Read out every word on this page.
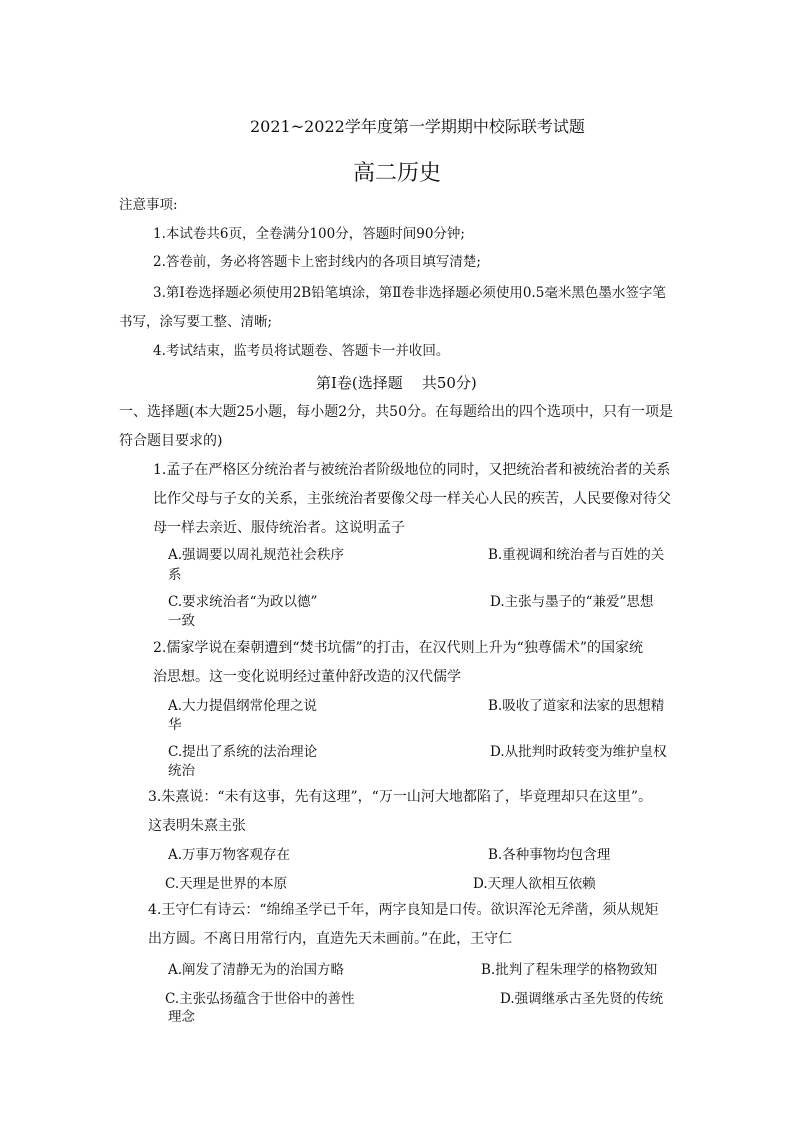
2021~2022学年度第一学期期中校际联考试题
高二历史
注意事项:
1.本试卷共6页，全卷满分100分，答题时间90分钟;
2.答卷前，务必将答题卡上密封线内的各项目填写清楚;
3.第Ⅰ卷选择题必须使用2B铅笔填涂，第Ⅱ卷非选择题必须使用0.5毫米黑色墨水签字笔
书写，涂写要工整、清晰;
4.考试结束，监考员将试题卷、答题卡一并收回。
第Ⅰ卷(选择题    共50分)
一、选择题(本大题25小题，每小题2分，共50分。在每题给出的四个选项中，只有一项是
符合题目要求的)
1.孟子在严格区分统治者与被统治者阶级地位的同时，又把统治者和被统治者的关系
比作父母与子女的关系，主张统治者要像父母一样关心人民的疾苦，人民要像对待父
母一样去亲近、服侍统治者。这说明孟子
A.强调要以周礼规范社会秩序	B.重视调和统治者与百姓的关
系
C.要求统治者“为政以德”	D.主张与墨子的“兼爱”思想
一致
2.儒家学说在秦朝遭到“焚书坑儒”的打击，在汉代则上升为“独尊儒术”的国家统
治思想。这一变化说明经过董仲舒改造的汉代儒学
A.大力提倡纲常伦理之说	B.吸收了道家和法家的思想精
华
C.提出了系统的法治理论	D.从批判时政转变为维护皇权
统治
3.朱熹说：“未有这事，先有这理”，“万一山河大地都陷了，毕竟理却只在这里”。
这表明朱熹主张
A.万事万物客观存在	B.各种事物均包含理
C.天理是世界的本原	D.天理人欲相互依赖
4.王守仁有诗云：“绵绵圣学已千年，两字良知是口传。欲识浑沦无斧凿，须从规矩
出方圆。不离日用常行内，直造先天未画前。”在此，王守仁
A.阐发了清静无为的治国方略	B.批判了程朱理学的格物致知
C.主张弘扬蕴含于世俗中的善性	D.强调继承古圣先贤的传统
理念
